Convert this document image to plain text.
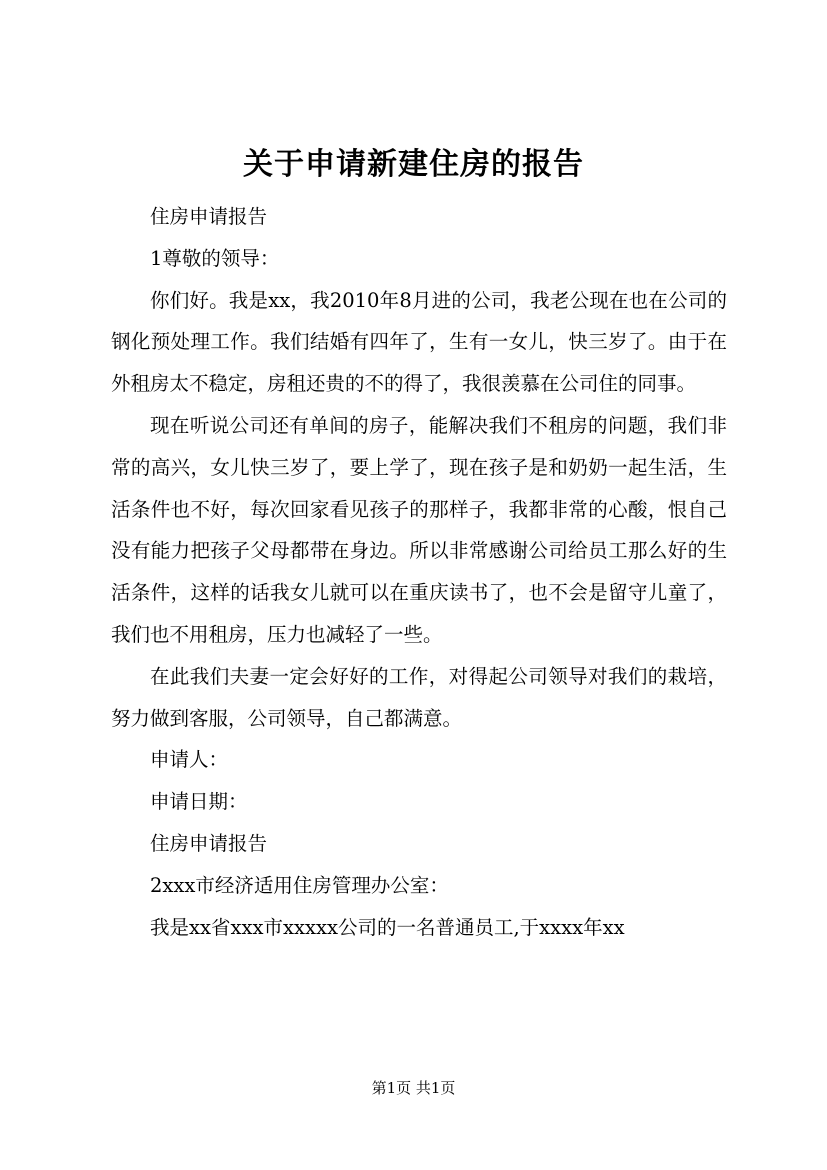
关于申请新建住房的报告

住房申请报告

1尊敬的领导：

你们好。我是xx，我2010年8月进的公司，我老公现在也在公司的钢化预处理工作。我们结婚有四年了，生有一女儿，快三岁了。由于在外租房太不稳定，房租还贵的不的得了，我很羡慕在公司住的同事。

现在听说公司还有单间的房子，能解决我们不租房的问题，我们非常的高兴，女儿快三岁了，要上学了，现在孩子是和奶奶一起生活，生活条件也不好，每次回家看见孩子的那样子，我都非常的心酸，恨自己没有能力把孩子父母都带在身边。所以非常感谢公司给员工那么好的生活条件，这样的话我女儿就可以在重庆读书了，也不会是留守儿童了，我们也不用租房，压力也减轻了一些。

在此我们夫妻一定会好好的工作，对得起公司领导对我们的栽培，努力做到客服，公司领导，自己都满意。

申请人：

申请日期：

住房申请报告

2xxx市经济适用住房管理办公室：

我是xx省xxx市xxxxx公司的一名普通员工,于xxxx年xx

第1页 共1页
